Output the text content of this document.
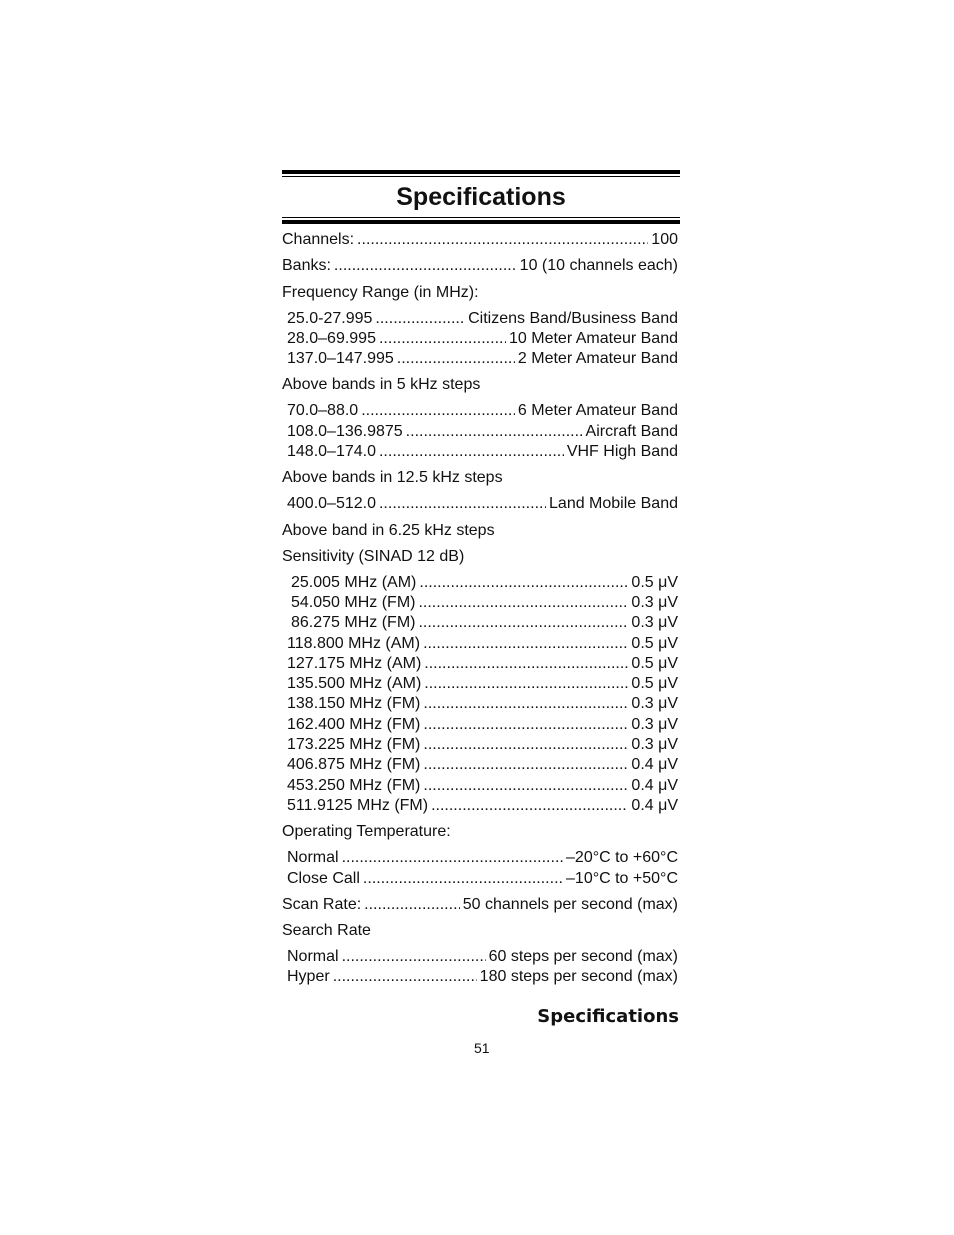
Specifications
Channels: .....	100
Banks: .....	10 (10 channels each)
Frequency Range (in MHz):
25.0-27.995 .....	Citizens Band/Business Band
28.0–69.995 .....	10 Meter Amateur Band
137.0–147.995 .....	2 Meter Amateur Band
Above bands in 5 kHz steps
70.0–88.0 .....	6 Meter Amateur Band
108.0–136.9875 .....	Aircraft Band
148.0–174.0 .....	VHF High Band
Above bands in 12.5 kHz steps
400.0–512.0 .....	Land Mobile Band
Above band in 6.25 kHz steps
Sensitivity (SINAD 12 dB)
25.005 MHz (AM) .....	0.5 μV
54.050 MHz (FM) .....	0.3 μV
86.275 MHz (FM) .....	0.3 μV
118.800 MHz (AM) .....	0.5 μV
127.175 MHz (AM) .....	0.5 μV
135.500 MHz (AM) .....	0.5 μV
138.150 MHz (FM) .....	0.3 μV
162.400 MHz (FM) .....	0.3 μV
173.225 MHz (FM) .....	0.3 μV
406.875 MHz (FM) .....	0.4 μV
453.250 MHz (FM) .....	0.4 μV
511.9125 MHz (FM) .....	0.4 μV
Operating Temperature:
Normal .....	–20°C to +60°C
Close Call .....	–10°C to +50°C
Scan Rate: .....	50 channels per second (max)
Search Rate
Normal .....	60 steps per second (max)
Hyper .....	180 steps per second (max)
Specifications
51
